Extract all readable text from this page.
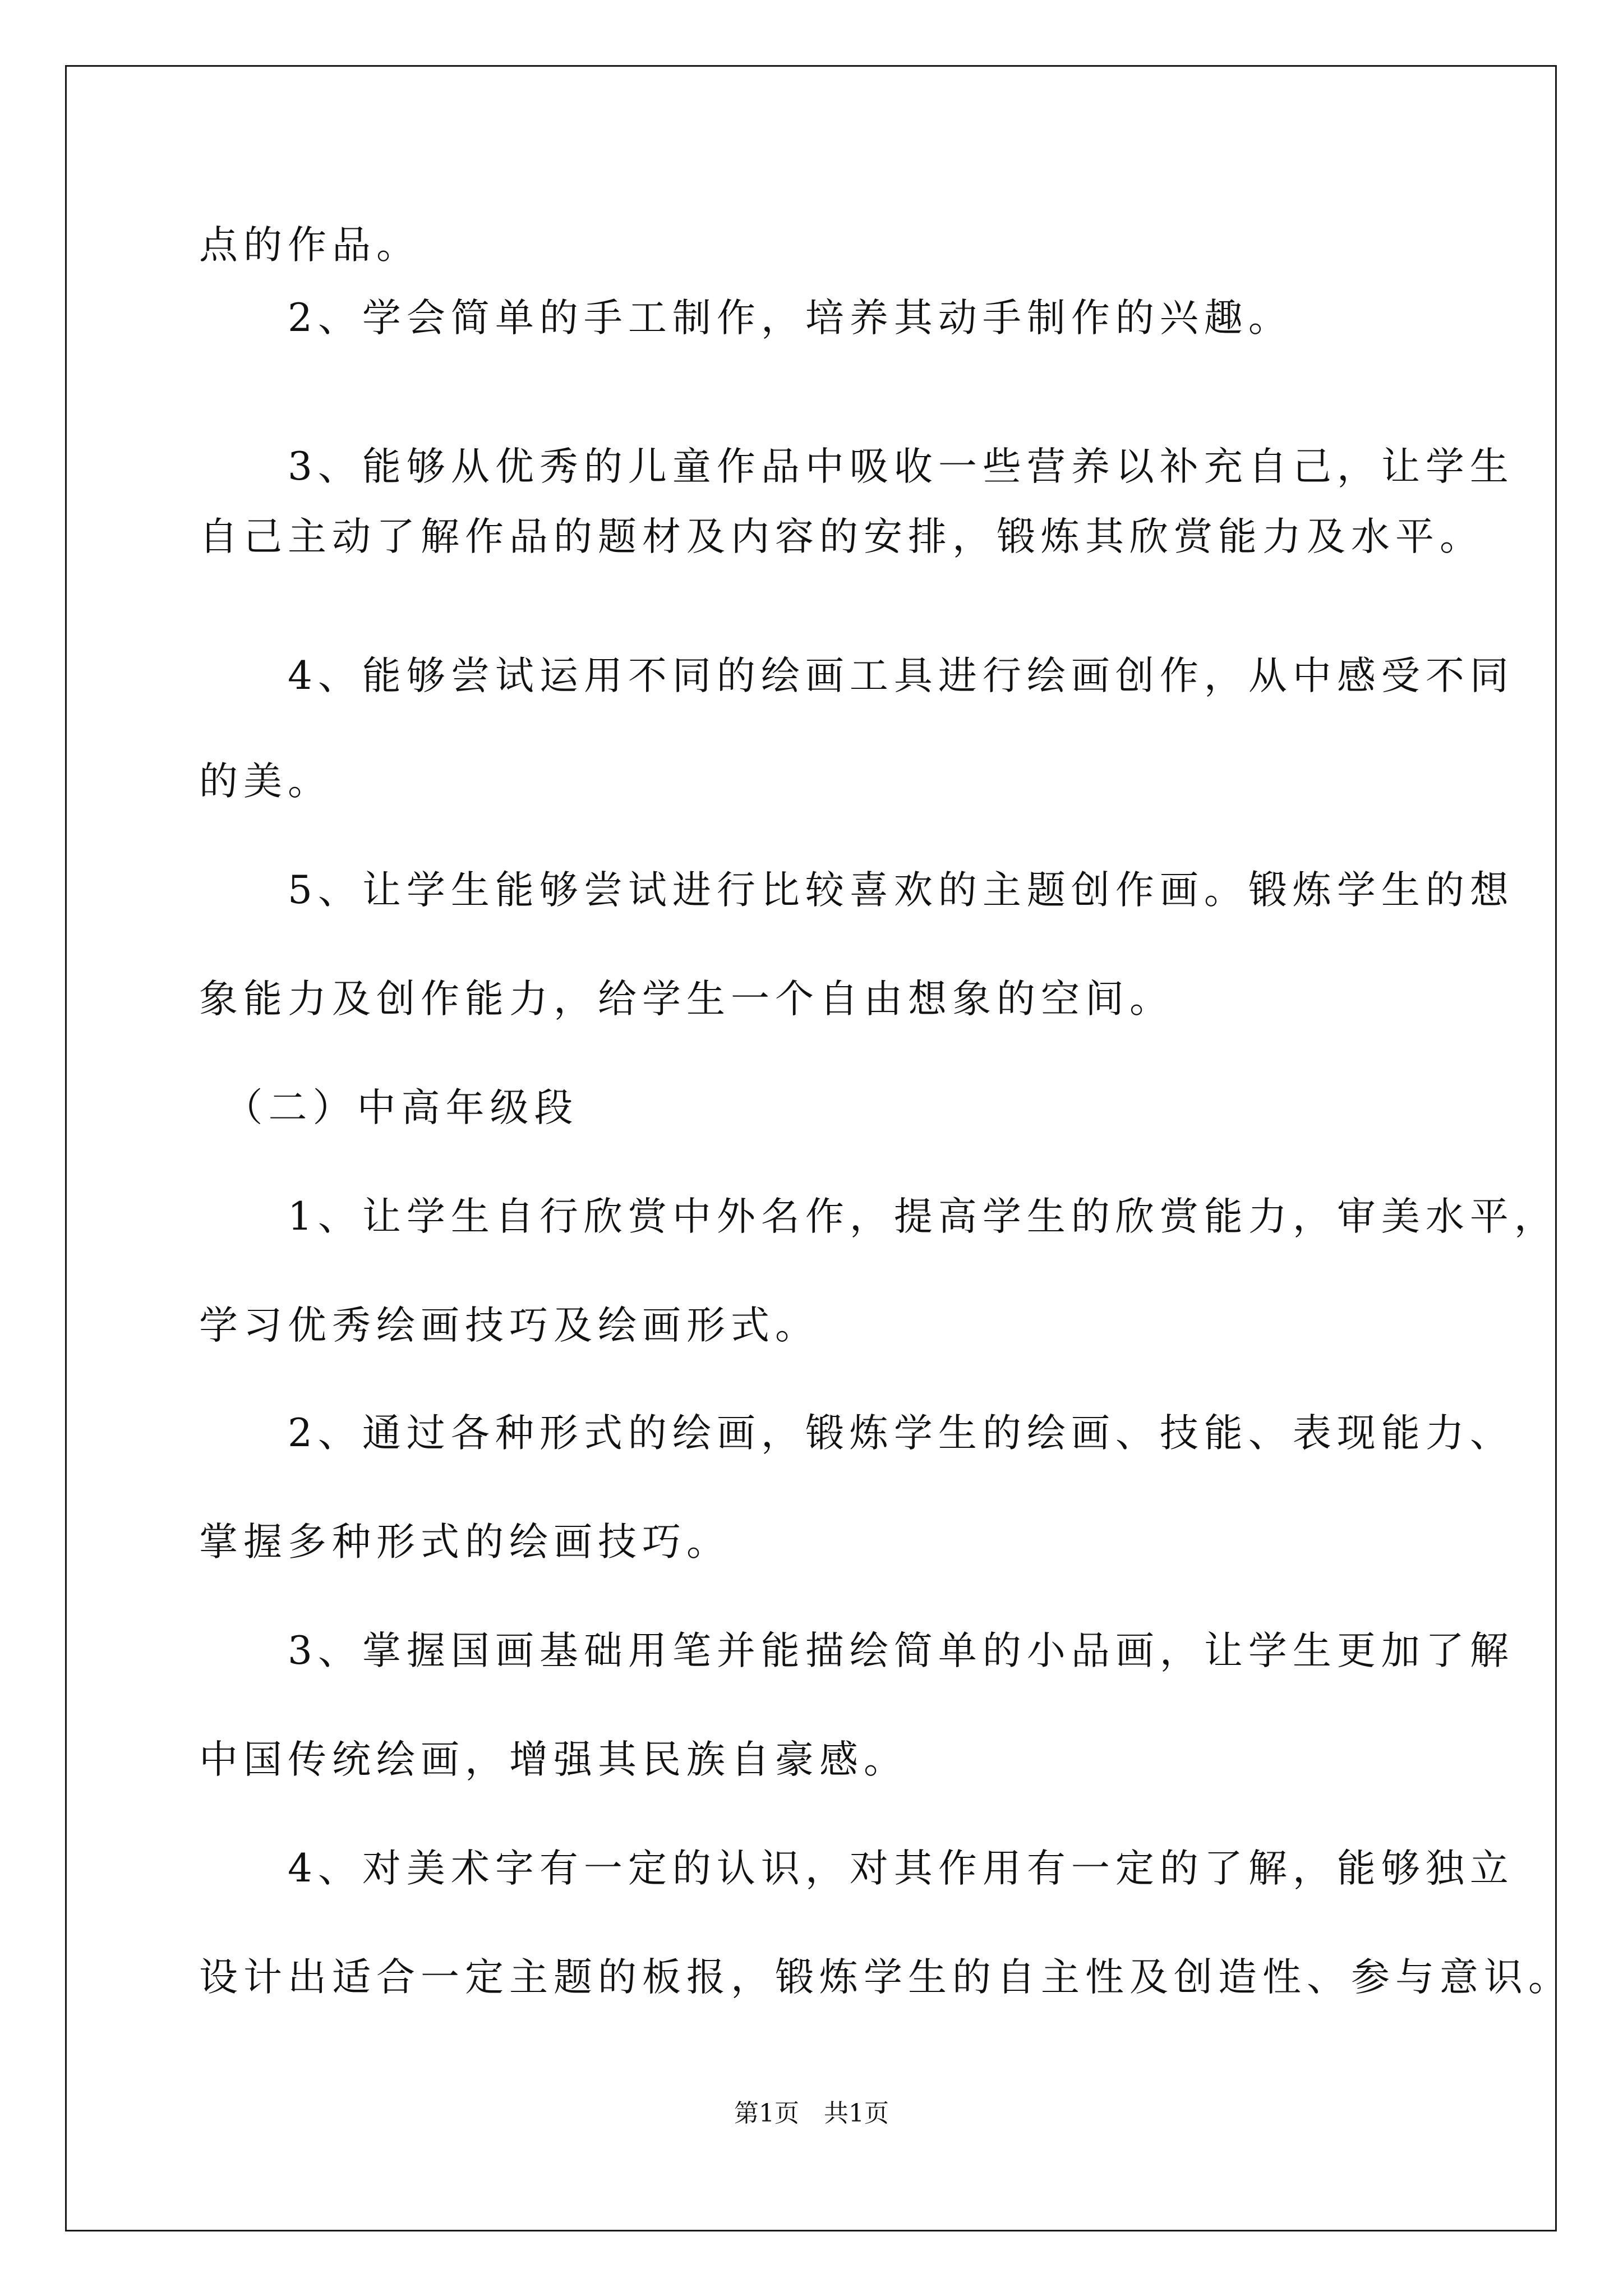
点的作品。
　　2、学会简单的手工制作，培养其动手制作的兴趣。
　　3、能够从优秀的儿童作品中吸收一些营养以补充自己，让学生
自己主动了解作品的题材及内容的安排，锻炼其欣赏能力及水平。
　　4、能够尝试运用不同的绘画工具进行绘画创作，从中感受不同
的美。
　　5、让学生能够尝试进行比较喜欢的主题创作画。锻炼学生的想
象能力及创作能力，给学生一个自由想象的空间。
　（二）中高年级段
　　1、让学生自行欣赏中外名作，提高学生的欣赏能力，审美水平，
学习优秀绘画技巧及绘画形式。
　　2、通过各种形式的绘画，锻炼学生的绘画、技能、表现能力、
掌握多种形式的绘画技巧。
　　3、掌握国画基础用笔并能描绘简单的小品画，让学生更加了解
中国传统绘画，增强其民族自豪感。
　　4、对美术字有一定的认识，对其作用有一定的了解，能够独立
设计出适合一定主题的板报，锻炼学生的自主性及创造性、参与意识。
第1页　共1页
